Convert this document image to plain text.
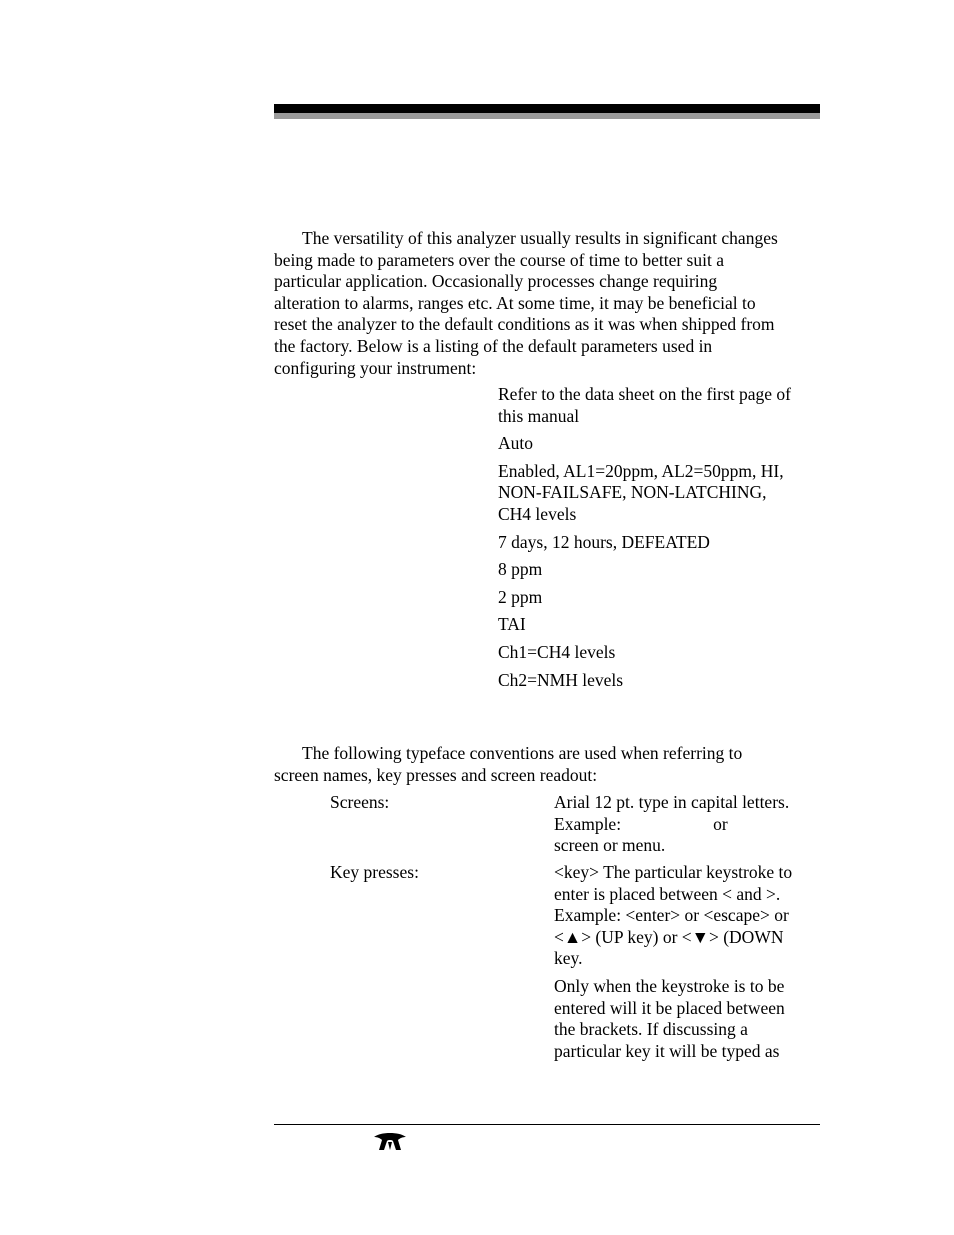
The versatility of this analyzer usually results in significant changes
being made to parameters over the course of time to better suit a
particular application. Occasionally processes change requiring
alteration to alarms, ranges etc. At some time, it may be beneficial to
reset the analyzer to the default conditions as it was when shipped from
the factory. Below is a listing of the default parameters used in
configuring your instrument:
Refer to the data sheet on the first page of
this manual
Auto
Enabled, AL1=20ppm, AL2=50ppm, HI,
NON-FAILSAFE, NON-LATCHING,
CH4 levels
7 days, 12 hours, DEFEATED
8 ppm
2 ppm
TAI
Ch1=CH4 levels
Ch2=NMH levels
The following typeface conventions are used when referring to
screen names, key presses and screen readout:
Screens:	Arial 12 pt. type in capital letters.
Example:	or
screen or menu.
Key presses:	<key> The particular keystroke to
enter is placed between < and >.
Example: <enter> or <escape> or
<▲> (UP key) or <▼> (DOWN
key.
Only when the keystroke is to be
entered will it be placed between
the brackets. If discussing a
particular key it will be typed as
